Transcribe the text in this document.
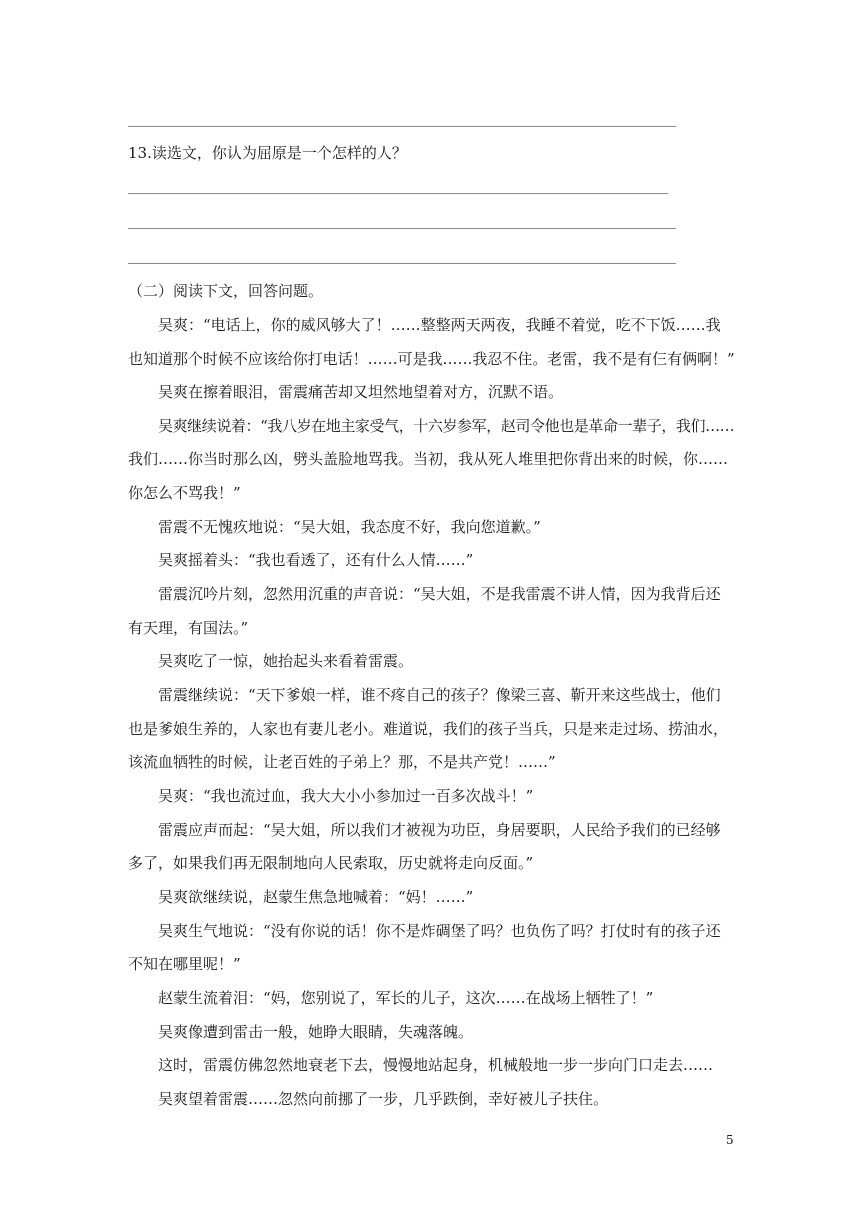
13.读选文，你认为屈原是一个怎样的人？
（二）阅读下文，回答问题。
吴爽：“电话上，你的威风够大了！……整整两天两夜，我睡不着觉，吃不下饭……我
也知道那个时候不应该给你打电话！……可是我……我忍不住。老雷，我不是有仨有俩啊！”
吴爽在擦着眼泪，雷震痛苦却又坦然地望着对方，沉默不语。
吴爽继续说着：“我八岁在地主家受气，十六岁参军，赵司令他也是革命一辈子，我们……
我们……你当时那么凶，劈头盖脸地骂我。当初，我从死人堆里把你背出来的时候，你……
你怎么不骂我！”
雷震不无愧疚地说：“吴大姐，我态度不好，我向您道歉。”
吴爽摇着头：“我也看透了，还有什么人情……”
雷震沉吟片刻，忽然用沉重的声音说：“吴大姐，不是我雷震不讲人情，因为我背后还
有天理，有国法。”
吴爽吃了一惊，她抬起头来看着雷震。
雷震继续说：“天下爹娘一样，谁不疼自己的孩子？像梁三喜、靳开来这些战士，他们
也是爹娘生养的，人家也有妻儿老小。难道说，我们的孩子当兵，只是来走过场、捞油水，
该流血牺牲的时候，让老百姓的子弟上？那，不是共产党！……”
吴爽：“我也流过血，我大大小小参加过一百多次战斗！”
雷震应声而起：“吴大姐，所以我们才被视为功臣，身居要职，人民给予我们的已经够
多了，如果我们再无限制地向人民索取，历史就将走向反面。”
吴爽欲继续说，赵蒙生焦急地喊着：“妈！……”
吴爽生气地说：“没有你说的话！你不是炸碉堡了吗？也负伤了吗？打仗时有的孩子还
不知在哪里呢！”
赵蒙生流着泪：“妈，您别说了，军长的儿子，这次……在战场上牺牲了！”
吴爽像遭到雷击一般，她睁大眼睛，失魂落魄。
这时，雷震仿佛忽然地衰老下去，慢慢地站起身，机械般地一步一步向门口走去……
吴爽望着雷震……忽然向前挪了一步，几乎跌倒，幸好被儿子扶住。
5
